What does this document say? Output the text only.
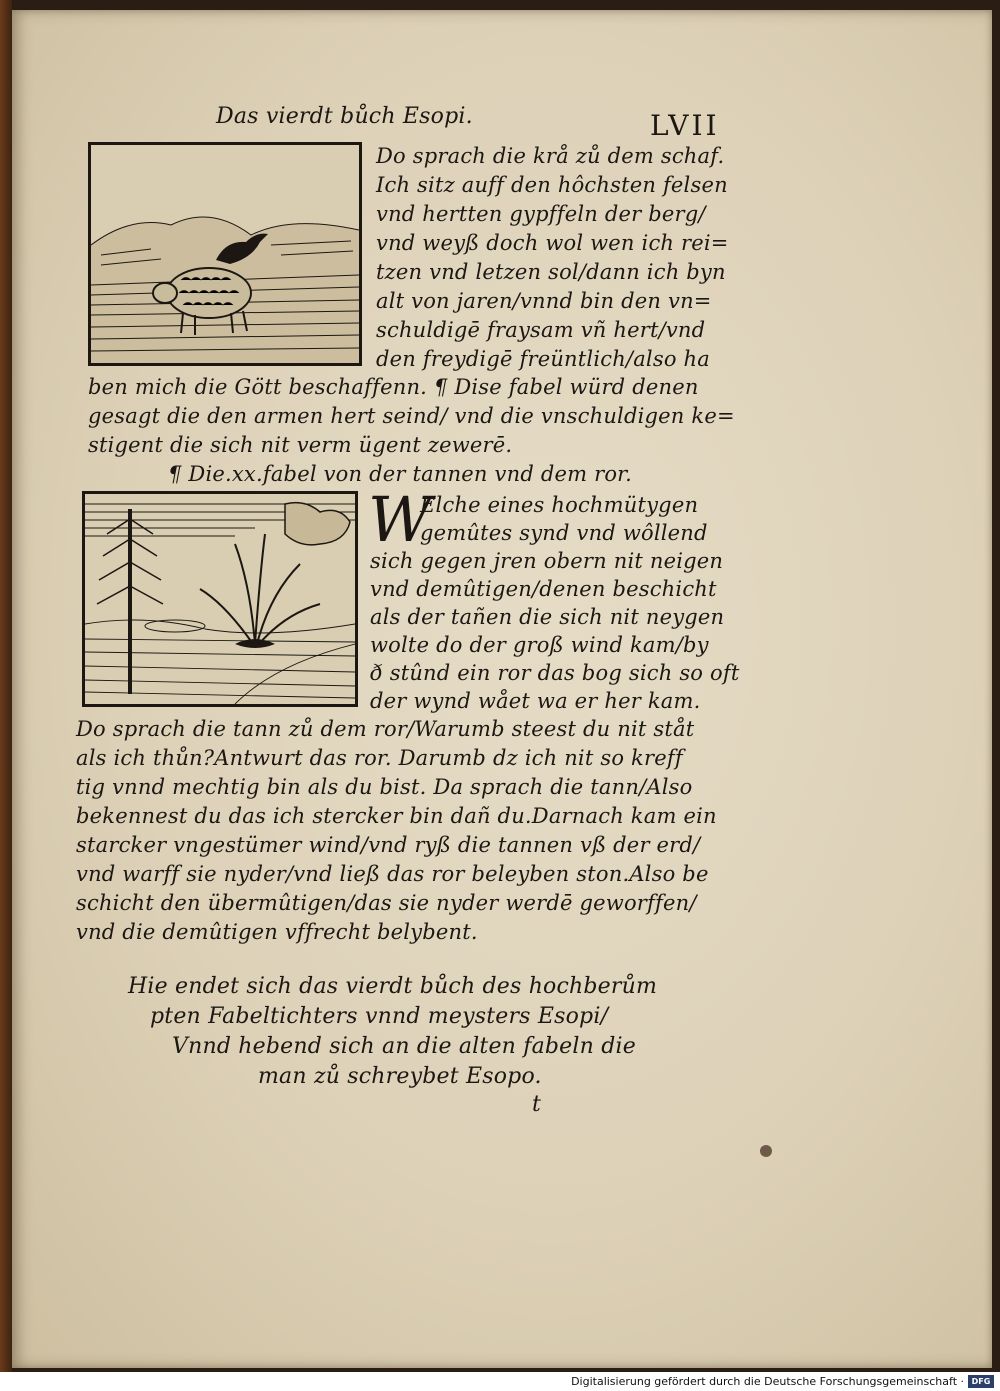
Das vierdt bůch Esopi.	LVII
Do sprach die krå zů dem schaf.
Ich sitz auff den hôchsten felsen
vnd hertten gypffeln der berg/
vnd weyß doch wol wen ich rei=
tzen vnd letzen sol/dann ich byn
alt von jaren/vnnd bin den vn=
schuldigē fraysam vñ hert/vnd
den freydigē freüntlich/also ha
ben mich die Gött beschaffenn. ¶ Dise fabel würd denen
gesagt die den armen hert seind/ vnd die vnschuldigen ke=
stigent die sich nit verm ügent zewerē.
¶ Die.xx.fabel von der tannen vnd dem ror.
W
Elche eines hochmütygen
gemûtes synd vnd wôllend
sich gegen jren obern nit neigen
vnd demûtigen/denen beschicht
als der tañen die sich nit neygen
wolte do der groß wind kam/by
ð stûnd ein ror das bog sich so oft
der wynd wået wa er her kam.
Do sprach die tann zů dem ror/Warumb steest du nit ståt
als ich thůn?Antwurt das ror. Darumb dz ich nit so kreff
tig vnnd mechtig bin als du bist. Da sprach die tann/Also
bekennest du das ich stercker bin dañ du.Darnach kam ein
starcker vngestümer wind/vnd ryß die tannen vß der erd/
vnd warff sie nyder/vnd ließ das ror beleyben ston.Also be
schicht den übermûtigen/das sie nyder werdē geworffen/
vnd die demûtigen vffrecht belybent.
Hie endet sich das vierdt bůch des hochberům
pten Fabeltichters vnnd meysters Esopi/
Vnnd hebend sich an die alten fabeln die
man zů schreybet Esopo.
t
Digitalisierung gefördert durch die Deutsche Forschungsgemeinschaft · DFG
